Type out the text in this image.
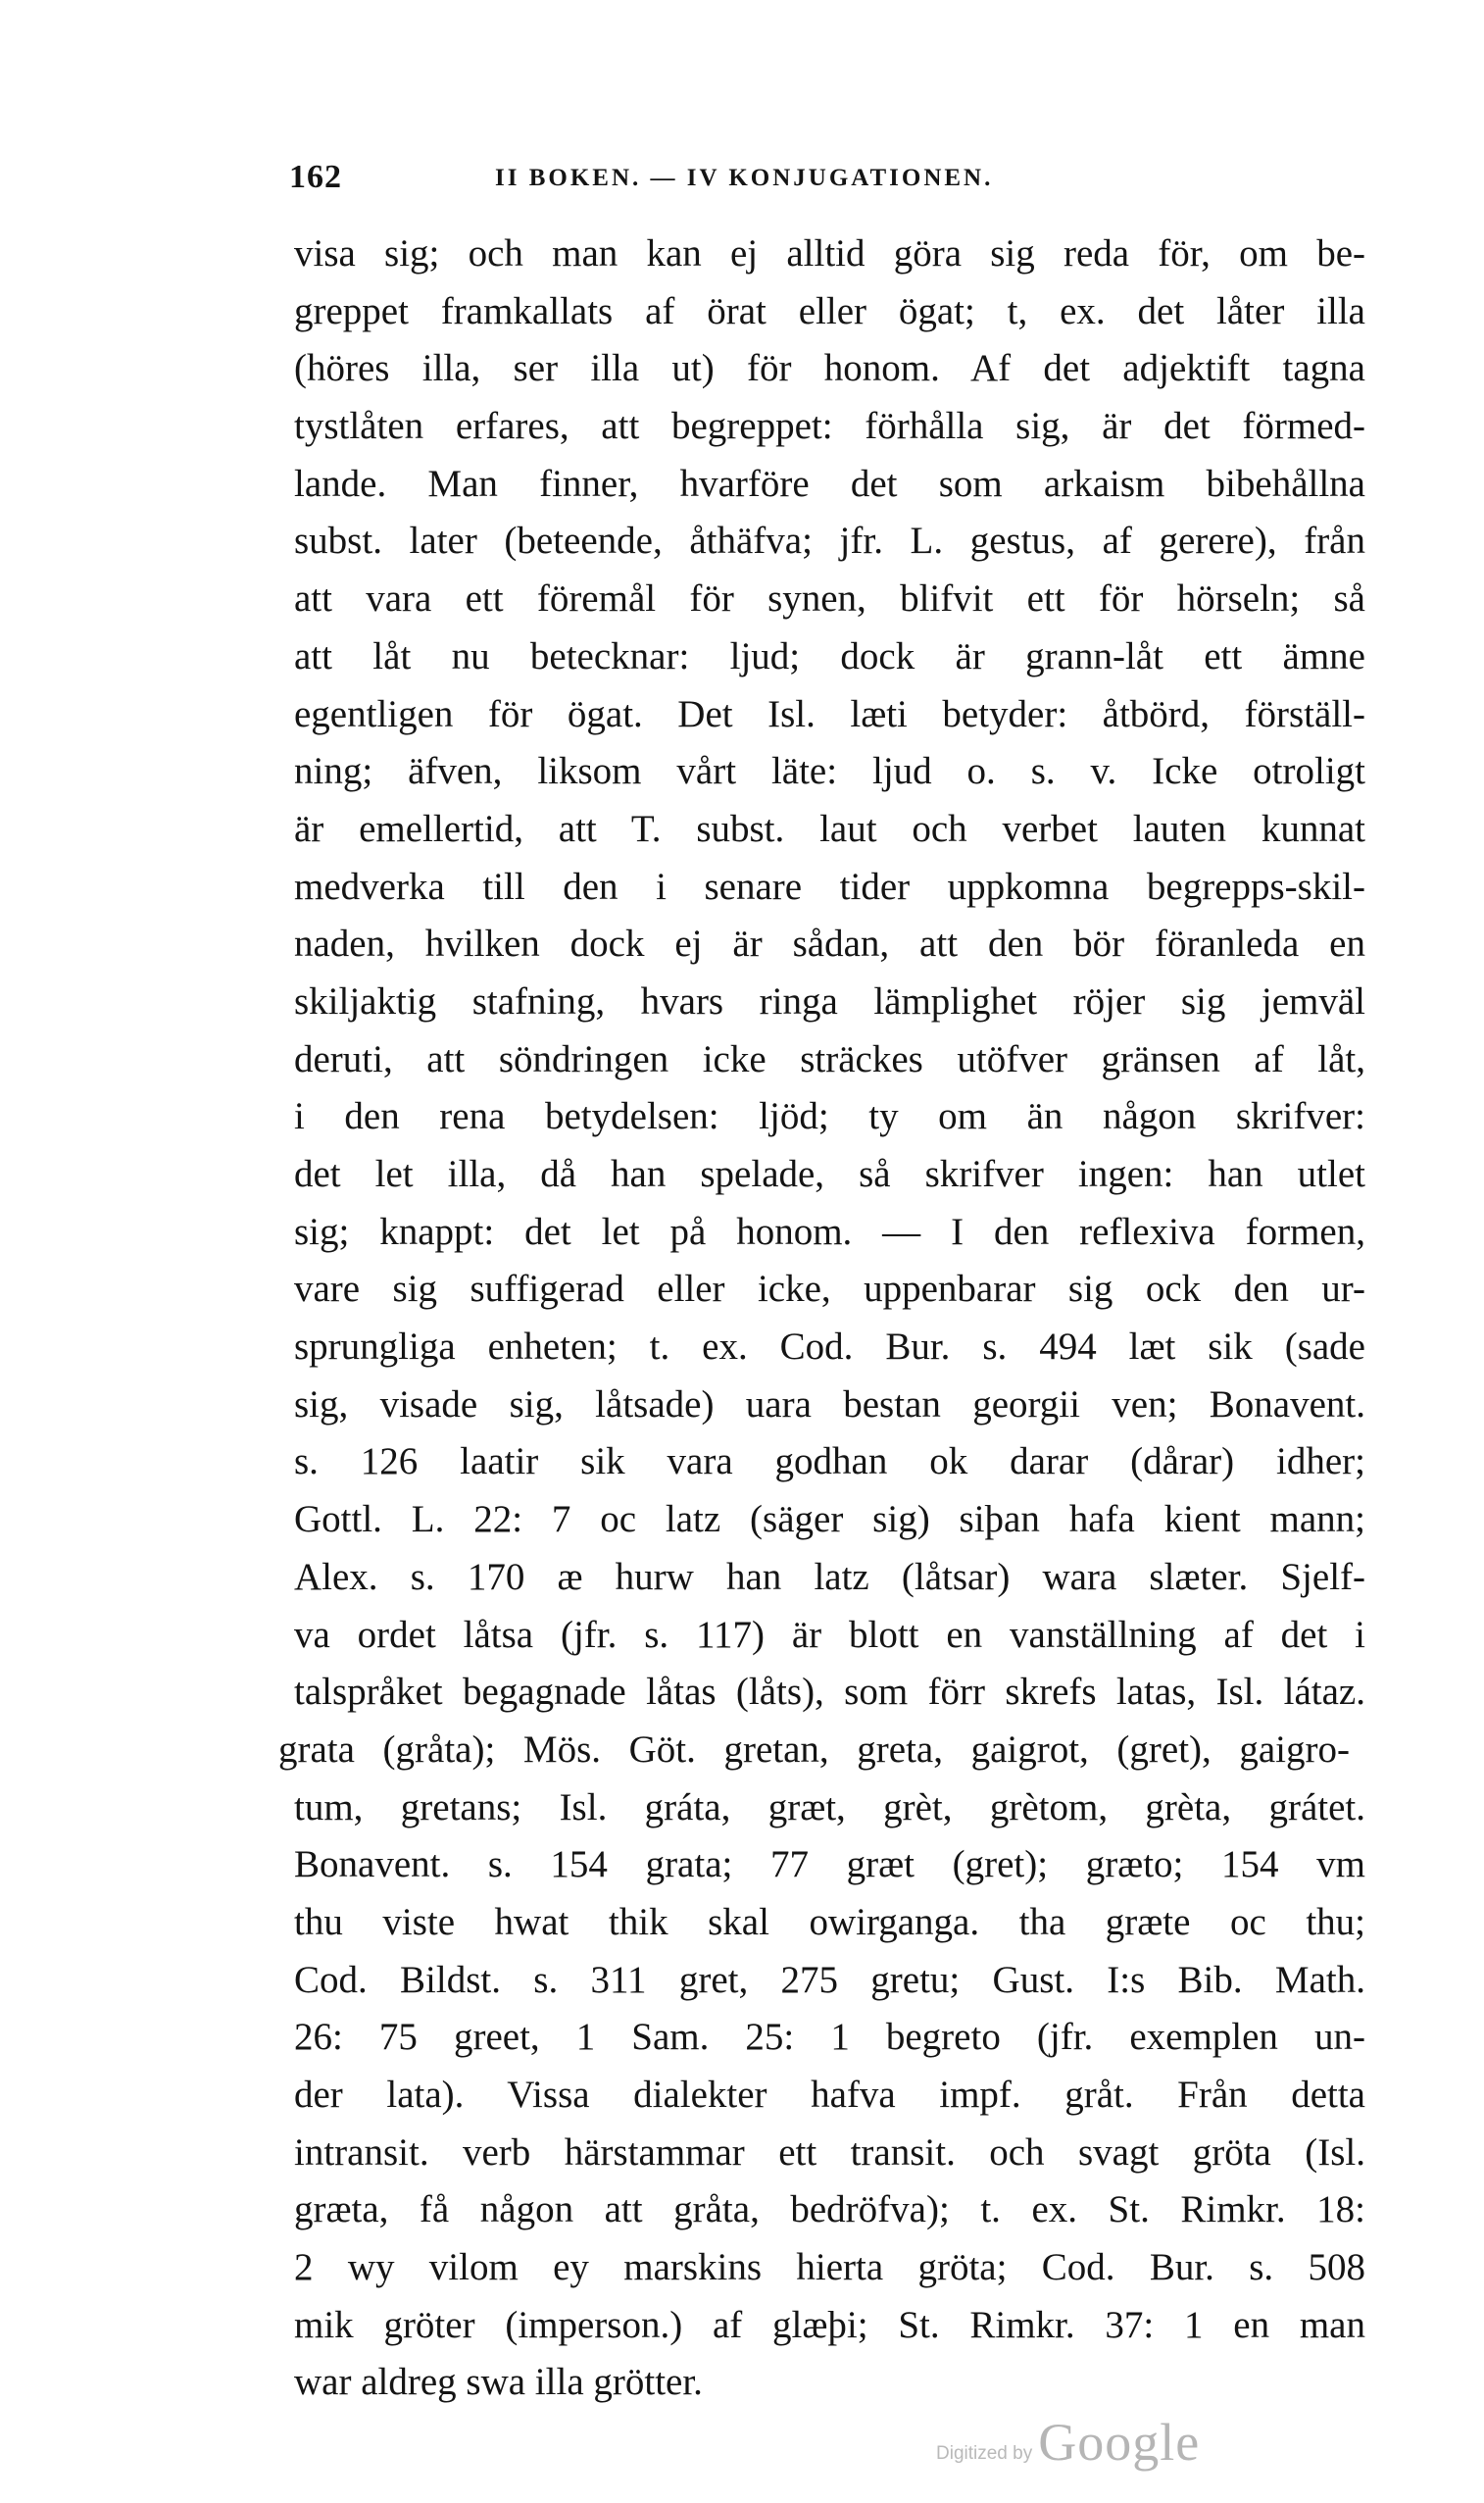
162	II BOKEN. — IV KONJUGATIONEN.
visa sig; och man kan ej alltid göra sig reda för, om be-
greppet framkallats af örat eller ögat; t, ex. det låter illa
(höres illa, ser illa ut) för honom. Af det adjektift tagna
tystlåten erfares, att begreppet: förhålla sig, är det förmed-
lande. Man finner, hvarföre det som arkaism bibehållna
subst. later (beteende, åthäfva; jfr. L. gestus, af gerere), från
att vara ett föremål för synen, blifvit ett för hörseln; så
att låt nu betecknar: ljud; dock är grann-låt ett ämne
egentligen för ögat. Det Isl. læti betyder: åtbörd, förställ-
ning; äfven, liksom vårt läte: ljud o. s. v. Icke otroligt
är emellertid, att T. subst. laut och verbet lauten kunnat
medverka till den i senare tider uppkomna begrepps-skil-
naden, hvilken dock ej är sådan, att den bör föranleda en
skiljaktig stafning, hvars ringa lämplighet röjer sig jemväl
deruti, att söndringen icke sträckes utöfver gränsen af låt,
i den rena betydelsen: ljöd; ty om än någon skrifver:
det let illa, då han spelade, så skrifver ingen: han utlet
sig; knappt: det let på honom. — I den reflexiva formen,
vare sig suffigerad eller icke, uppenbarar sig ock den ur-
sprungliga enheten; t. ex. Cod. Bur. s. 494 læt sik (sade
sig, visade sig, låtsade) uara bestan georgii ven; Bonavent.
s. 126 laatir sik vara godhan ok darar (dårar) idher;
Gottl. L. 22: 7 oc latz (säger sig) siþan hafa kient mann;
Alex. s. 170 æ hurw han latz (låtsar) wara slæter. Sjelf-
va ordet låtsa (jfr. s. 117) är blott en vanställning af det i
talspråket begagnade låtas (låts), som förr skrefs latas, Isl. látaz.
grata (gråta); Mös. Göt. gretan, greta, gaigrot, (gret), gaigro-
tum, gretans; Isl. gráta, græt, grèt, grètom, grèta, grátet.
Bonavent. s. 154 grata; 77 græt (gret); græto; 154 vm
thu viste hwat thik skal owirganga. tha græte oc thu;
Cod. Bildst. s. 311 gret, 275 gretu; Gust. I:s Bib. Math.
26: 75 greet, 1 Sam. 25: 1 begreto (jfr. exemplen un-
der lata). Vissa dialekter hafva impf. gråt. Från detta
intransit. verb härstammar ett transit. och svagt gröta (Isl.
græta, få någon att gråta, bedröfva); t. ex. St. Rimkr. 18:
2 wy vilom ey marskins hierta gröta; Cod. Bur. s. 508
mik gröter (imperson.) af glæþi; St. Rimkr. 37: 1 en man
war aldreg swa illa grötter.
Digitized by Google
